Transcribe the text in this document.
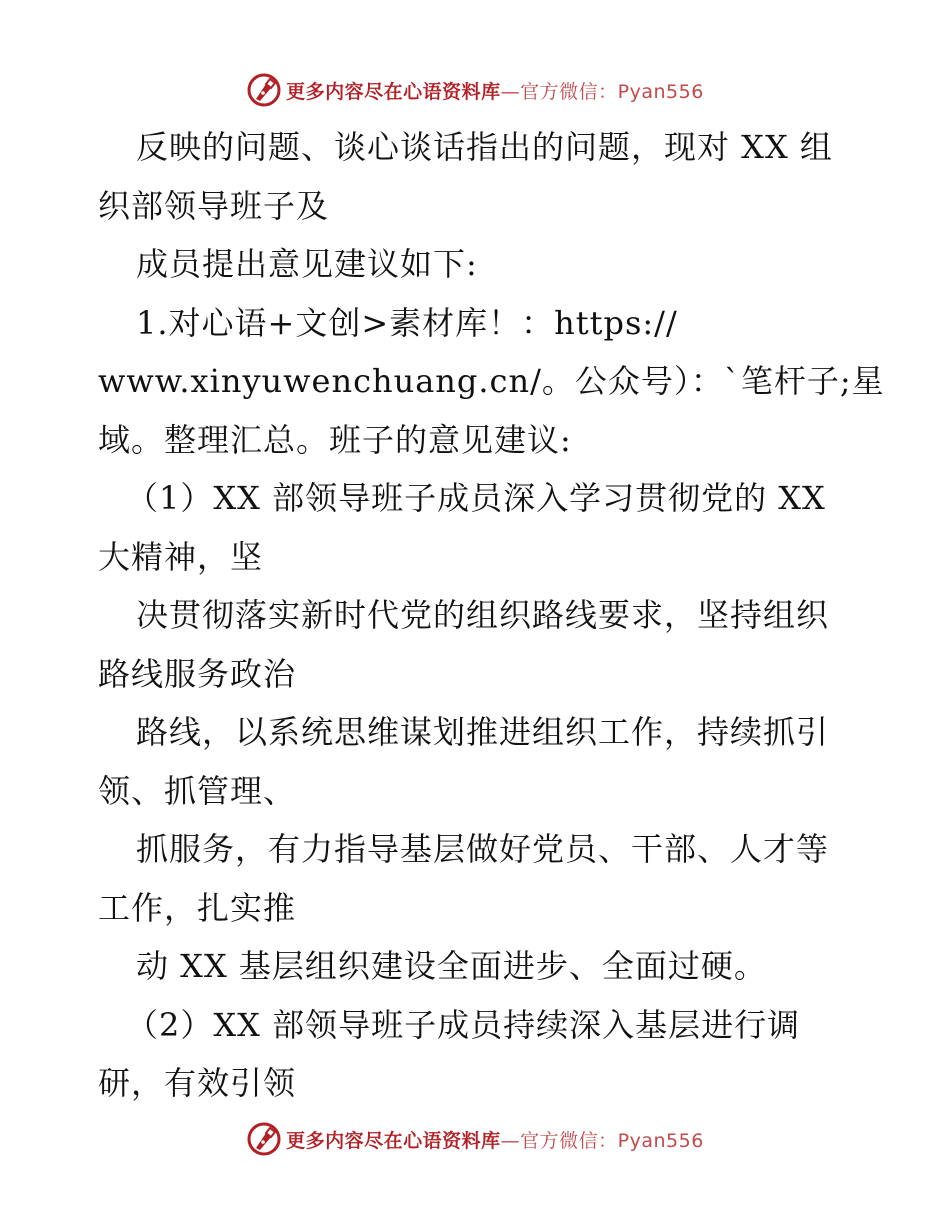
更多内容尽在心语资料库—官方微信：Pyan556
反映的问题、谈心谈话指出的问题，现对 XX 组
织部领导班子及
成员提出意见建议如下:
1.对心语+文创>素材库！：https://
www.xinyuwenchuang.cn/。公众号）：`笔杆子;星
域。整理汇总。班子的意见建议:
（1）XX 部领导班子成员深入学习贯彻党的 XX
大精神，坚
决贯彻落实新时代党的组织路线要求，坚持组织
路线服务政治
路线，以系统思维谋划推进组织工作，持续抓引
领、抓管理、
抓服务，有力指导基层做好党员、干部、人才等
工作，扎实推
动 XX 基层组织建设全面进步、全面过硬。
（2）XX 部领导班子成员持续深入基层进行调
研，有效引领
更多内容尽在心语资料库—官方微信：Pyan556
